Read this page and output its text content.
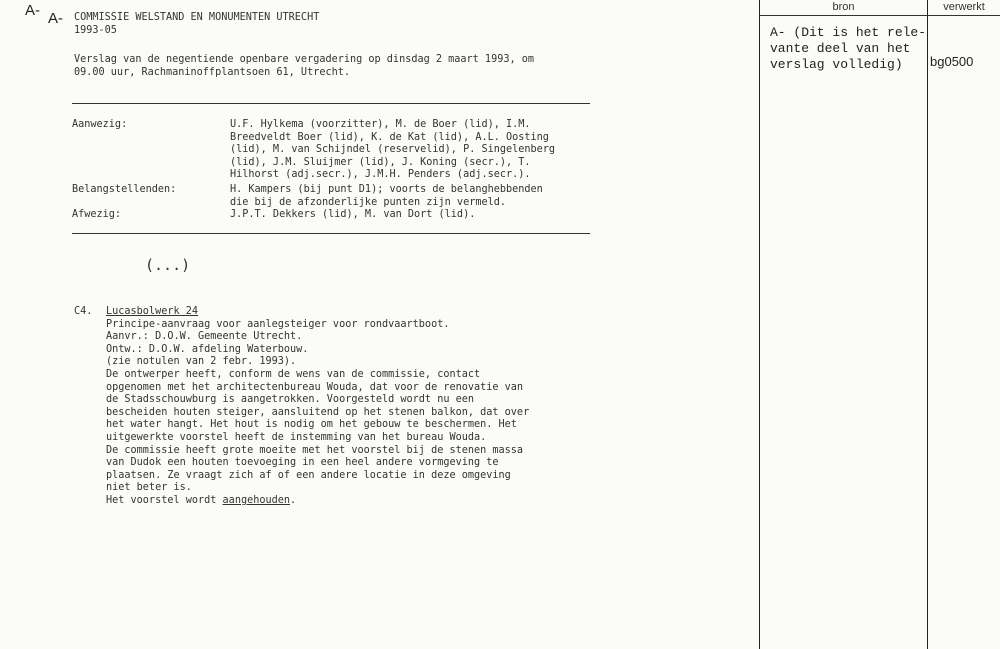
A- A- COMMISSIE WELSTAND EN MONUMENTEN UTRECHT
1993-05
Verslag van de negentiende openbare vergadering op dinsdag 2 maart 1993, om
09.00 uur, Rachmaninoffplantsoen 61, Utrecht.
Aanwezig:	U.F. Hylkema (voorzitter), M. de Boer (lid), I.M.
Breedveldt Boer (lid), K. de Kat (lid), A.L. Oosting
(lid), M. van Schijndel (reservelid), P. Singelenberg
(lid), J.M. Sluijmer (lid), J. Koning (secr.), T.
Hilhorst (adj.secr.), J.M.H. Penders (adj.secr.).
Belangstellenden:	H. Kampers (bij punt D1); voorts de belanghebbenden
die bij de afzonderlijke punten zijn vermeld.
Afwezig:	J.P.T. Dekkers (lid), M. van Dort (lid).
(...)
C4. Lucasbolwerk 24
Principe-aanvraag voor aanlegsteiger voor rondvaartboot.
Aanvr.: D.O.W. Gemeente Utrecht.
Ontw.: D.O.W. afdeling Waterbouw.
(zie notulen van 2 febr. 1993).
De ontwerper heeft, conform de wens van de commissie, contact
opgenomen met het architectenbureau Wouda, dat voor de renovatie van
de Stadsschouwburg is aangetrokken. Voorgesteld wordt nu een
bescheiden houten steiger, aansluitend op het stenen balkon, dat over
het water hangt. Het hout is nodig om het gebouw te beschermen. Het
uitgewerkte voorstel heeft de instemming van het bureau Wouda.
De commissie heeft grote moeite met het voorstel bij de stenen massa
van Dudok een houten toevoeging in een heel andere vormgeving te
plaatsen. Ze vraagt zich af of een andere locatie in deze omgeving
niet beter is.
Het voorstel wordt aangehouden.
bron	verwerkt
A- (Dit is het rele-
vante deel van het
verslag volledig)	bg0500
